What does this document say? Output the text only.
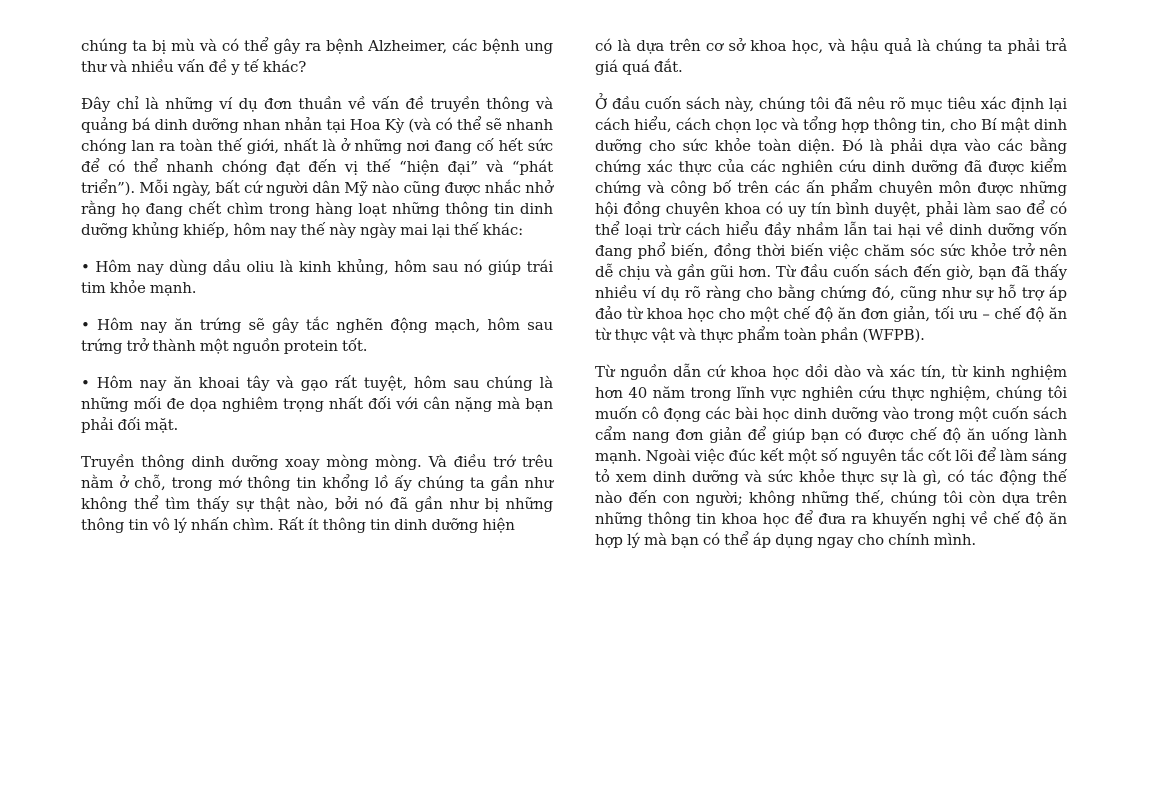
chúng ta bị mù và có thể gây ra bệnh Alzheimer, các bệnh ung thư và nhiều vấn đề y tế khác?

Đây chỉ là những ví dụ đơn thuần về vấn đề truyền thông và quảng bá dinh dưỡng nhan nhản tại Hoa Kỳ (và có thể sẽ nhanh chóng lan ra toàn thế giới, nhất là ở những nơi đang cố hết sức để có thể nhanh chóng đạt đến vị thế “hiện đại” và “phát triển”). Mỗi ngày, bất cứ người dân Mỹ nào cũng được nhắc nhở rằng họ đang chết chìm trong hàng loạt những thông tin dinh dưỡng khủng khiếp, hôm nay thế này ngày mai lại thế khác:

• Hôm nay dùng dầu oliu là kinh khủng, hôm sau nó giúp trái tim khỏe mạnh.

• Hôm nay ăn trứng sẽ gây tắc nghẽn động mạch, hôm sau trứng trở thành một nguồn protein tốt.

• Hôm nay ăn khoai tây và gạo rất tuyệt, hôm sau chúng là những mối đe dọa nghiêm trọng nhất đối với cân nặng mà bạn phải đối mặt.

Truyền thông dinh dưỡng xoay mòng mòng. Và điều trớ trêu nằm ở chỗ, trong mớ thông tin khổng lồ ấy chúng ta gần như không thể tìm thấy sự thật nào, bởi nó đã gần như bị những thông tin vô lý nhấn chìm. Rất ít thông tin dinh dưỡng hiện

có là dựa trên cơ sở khoa học, và hậu quả là chúng ta phải trả giá quá đắt.

Ở đầu cuốn sách này, chúng tôi đã nêu rõ mục tiêu xác định lại cách hiểu, cách chọn lọc và tổng hợp thông tin, cho Bí mật dinh dưỡng cho sức khỏe toàn diện. Đó là phải dựa vào các bằng chứng xác thực của các nghiên cứu dinh dưỡng đã được kiểm chứng và công bố trên các ấn phẩm chuyên môn được những hội đồng chuyên khoa có uy tín bình duyệt, phải làm sao để có thể loại trừ cách hiểu đầy nhầm lẫn tai hại về dinh dưỡng vốn đang phổ biến, đồng thời biến việc chăm sóc sức khỏe trở nên dễ chịu và gần gũi hơn. Từ đầu cuốn sách đến giờ, bạn đã thấy nhiều ví dụ rõ ràng cho bằng chứng đó, cũng như sự hỗ trợ áp đảo từ khoa học cho một chế độ ăn đơn giản, tối ưu – chế độ ăn từ thực vật và thực phẩm toàn phần (WFPB).

Từ nguồn dẫn cứ khoa học dồi dào và xác tín, từ kinh nghiệm hơn 40 năm trong lĩnh vực nghiên cứu thực nghiệm, chúng tôi muốn cô đọng các bài học dinh dưỡng vào trong một cuốn sách cẩm nang đơn giản để giúp bạn có được chế độ ăn uống lành mạnh. Ngoài việc đúc kết một số nguyên tắc cốt lõi để làm sáng tỏ xem dinh dưỡng và sức khỏe thực sự là gì, có tác động thế nào đến con người; không những thế, chúng tôi còn dựa trên những thông tin khoa học để đưa ra khuyến nghị về chế độ ăn hợp lý mà bạn có thể áp dụng ngay cho chính mình.
